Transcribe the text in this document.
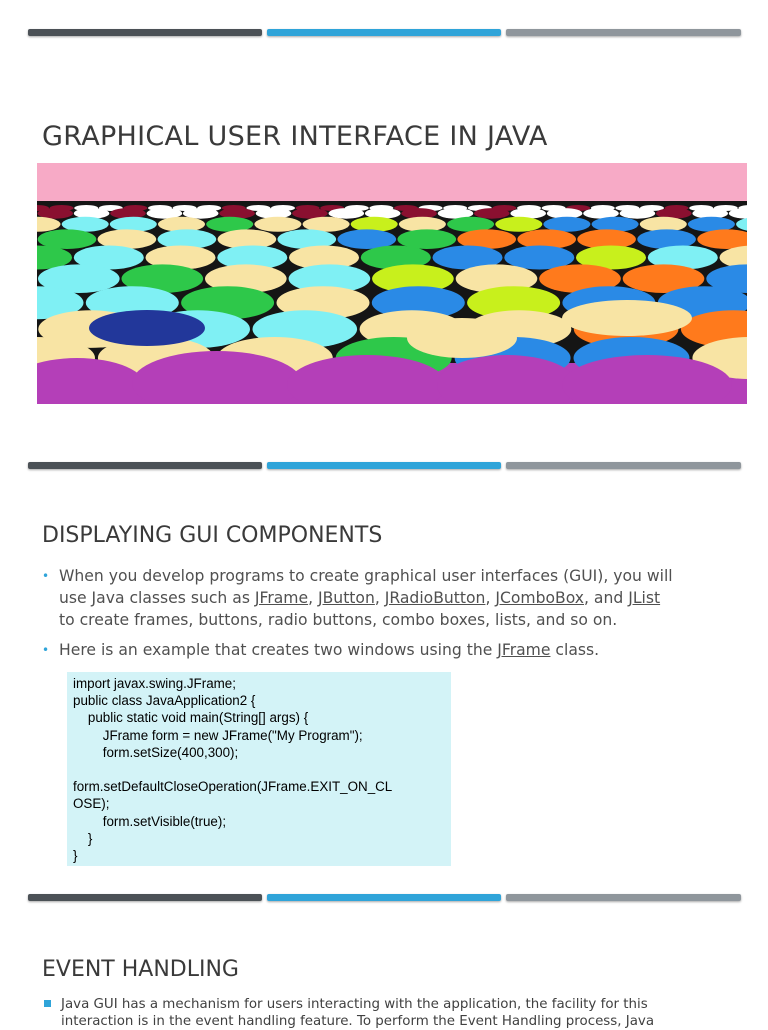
GRAPHICAL USER INTERFACE IN JAVA
DISPLAYING GUI COMPONENTS
• When you develop programs to create graphical user interfaces (GUI), you will
use Java classes such as JFrame, JButton, JRadioButton, JComboBox, and JList
to create frames, buttons, radio buttons, combo boxes, lists, and so on.
• Here is an example that creates two windows using the JFrame class.
import javax.swing.JFrame;
public class JavaApplication2 {
public static void main(String[] args) {
JFrame form = new JFrame("My Program");
form.setSize(400,300);
form.setDefaultCloseOperation(JFrame.EXIT_ON_CL
OSE);
form.setVisible(true);
}
}
EVENT HANDLING
Java GUI has a mechanism for users interacting with the application, the facility for this
interaction is in the event handling feature. To perform the Event Handling process, Java
